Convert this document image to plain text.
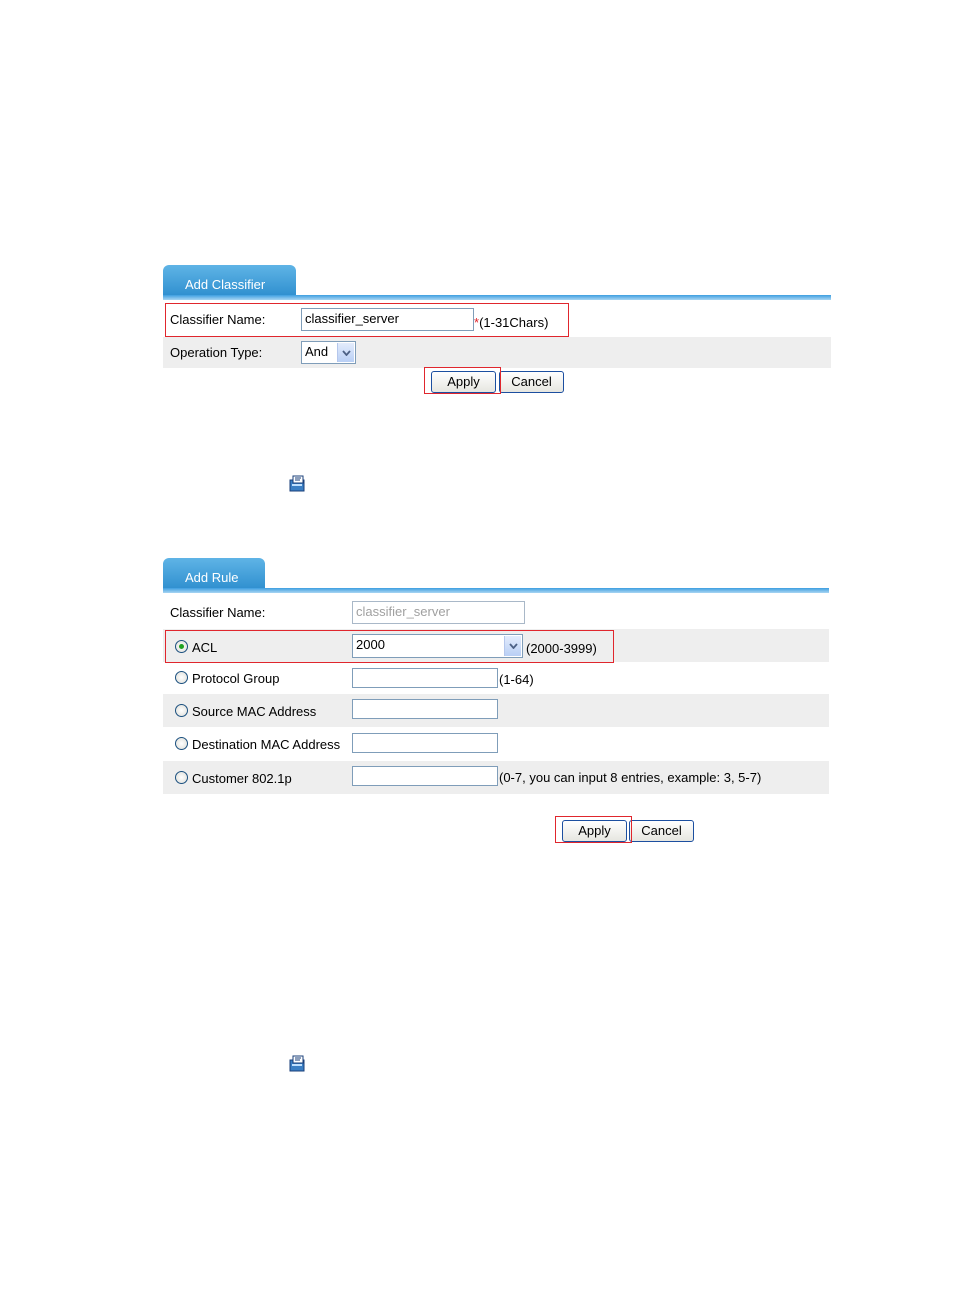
Add Classifier
Classifier Name:	classifier_server	*(1-31Chars)
Operation Type:	And
Apply	Cancel
Add Rule
Classifier Name:	classifier_server
ACL	2000	(2000-3999)
Protocol Group	(1-64)
Source MAC Address
Destination MAC Address
Customer 802.1p	(0-7, you can input 8 entries, example: 3, 5-7)
Apply	Cancel
